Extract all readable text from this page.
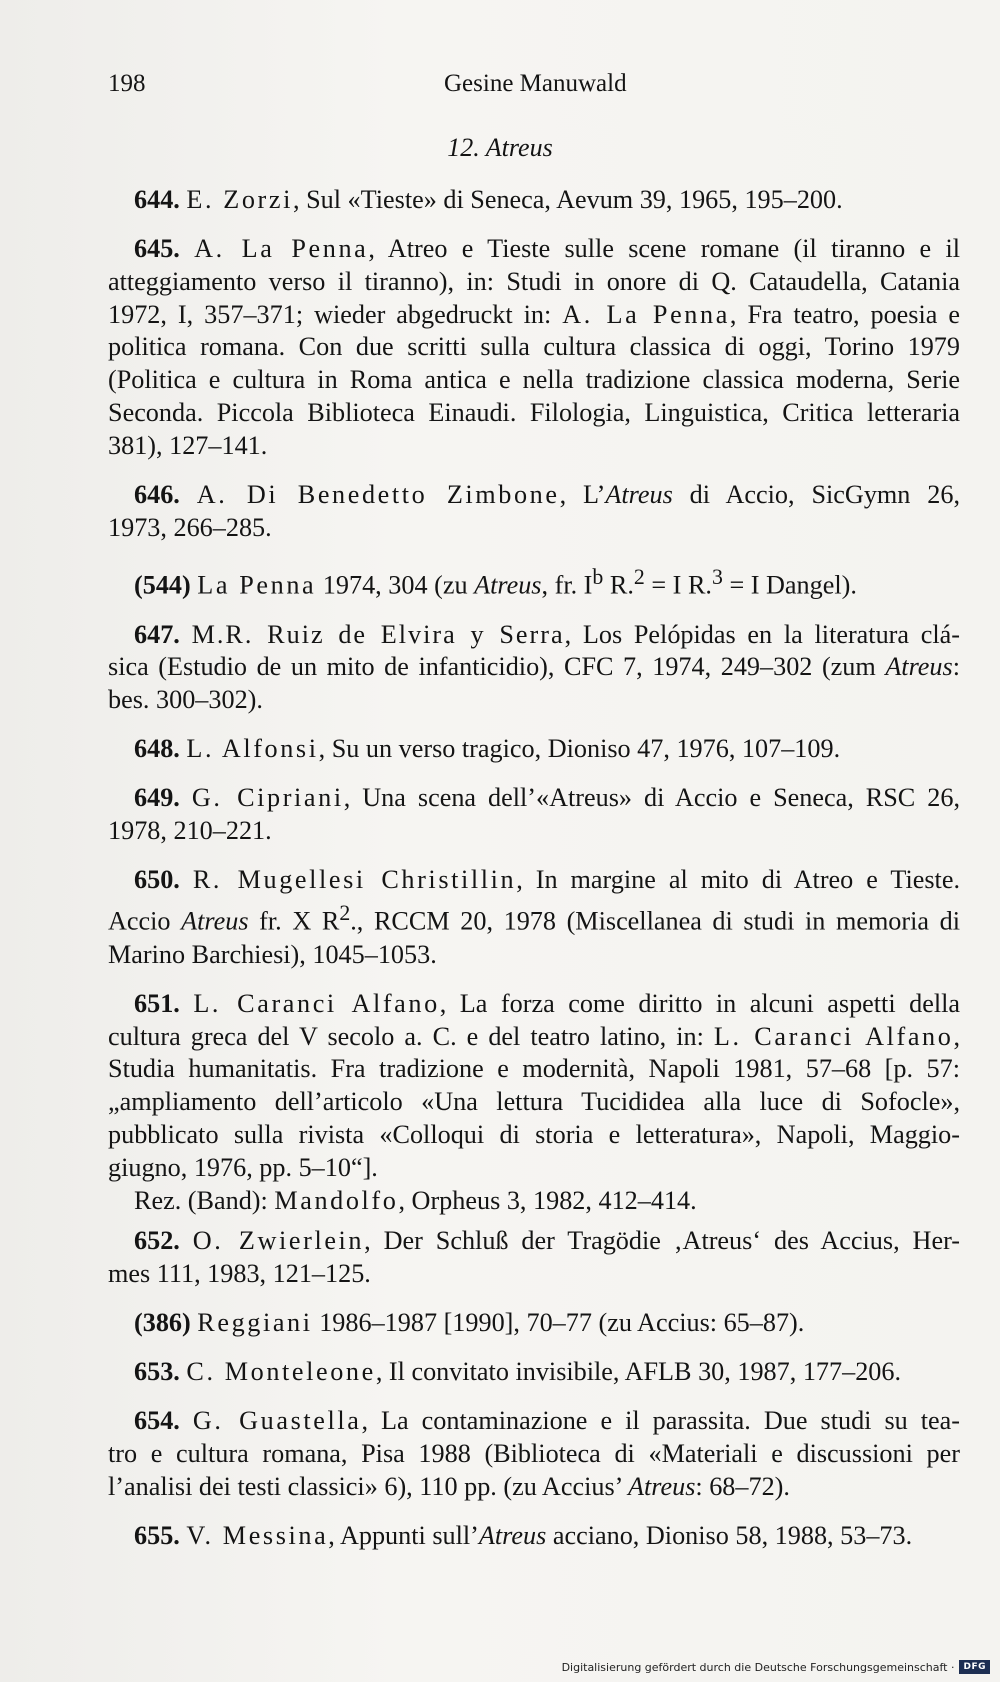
198	Gesine Manuwald
12. Atreus
644. E. Zorzi, Sul «Tieste» di Seneca, Aevum 39, 1965, 195–200.
645. A. La Penna, Atreo e Tieste sulle scene romane (il tiranno e il
atteggiamento verso il tiranno), in: Studi in onore di Q. Cataudella, Catania
1972, I, 357–371; wieder abgedruckt in: A. La Penna, Fra teatro, poesia e
politica romana. Con due scritti sulla cultura classica di oggi, Torino 1979
(Politica e cultura in Roma antica e nella tradizione classica moderna, Serie
Seconda. Piccola Biblioteca Einaudi. Filologia, Linguistica, Critica letteraria
381), 127–141.
646. A. Di Benedetto Zimbone, L’Atreus di Accio, SicGymn 26,
1973, 266–285.
(544) La Penna 1974, 304 (zu Atreus, fr. $I^b$ R.$^2$ = I R.$^3$ = I Dangel).
647. M.R. Ruiz de Elvira y Serra, Los Pelópidas en la literatura clá-
sica (Estudio de un mito de infanticidio), CFC 7, 1974, 249–302 (zum Atreus:
bes. 300–302).
648. L. Alfonsi, Su un verso tragico, Dioniso 47, 1976, 107–109.
649. G. Cipriani, Una scena dell’«Atreus» di Accio e Seneca, RSC 26,
1978, 210–221.
650. R. Mugellesi Christillin, In margine al mito di Atreo e Tieste.
Accio Atreus fr. X $R^2$., RCCM 20, 1978 (Miscellanea di studi in memoria di
Marino Barchiesi), 1045–1053.
651. L. Caranci Alfano, La forza come diritto in alcuni aspetti della
cultura greca del V secolo a. C. e del teatro latino, in: L. Caranci Alfano,
Studia humanitatis. Fra tradizione e modernità, Napoli 1981, 57–68 [p. 57:
„ampliamento dell’articolo «Una lettura Tucididea alla luce di Sofocle»,
pubblicato sulla rivista «Colloqui di storia e letteratura», Napoli, Maggio-
giugno, 1976, pp. 5–10“].
Rez. (Band): Mandolfo, Orpheus 3, 1982, 412–414.
652. O. Zwierlein, Der Schluß der Tragödie ‚Atreus‘ des Accius, Her-
mes 111, 1983, 121–125.
(386) Reggiani 1986–1987 [1990], 70–77 (zu Accius: 65–87).
653. C. Monteleone, Il convitato invisibile, AFLB 30, 1987, 177–206.
654. G. Guastella, La contaminazione e il parassita. Due studi su tea-
tro e cultura romana, Pisa 1988 (Biblioteca di «Materiali e discussioni per
l’analisi dei testi classici» 6), 110 pp. (zu Accius’ Atreus: 68–72).
655. V. Messina, Appunti sull’Atreus acciano, Dioniso 58, 1988, 53–73.
Digitalisierung gefördert durch die Deutsche Forschungsgemeinschaft ·	DFG
